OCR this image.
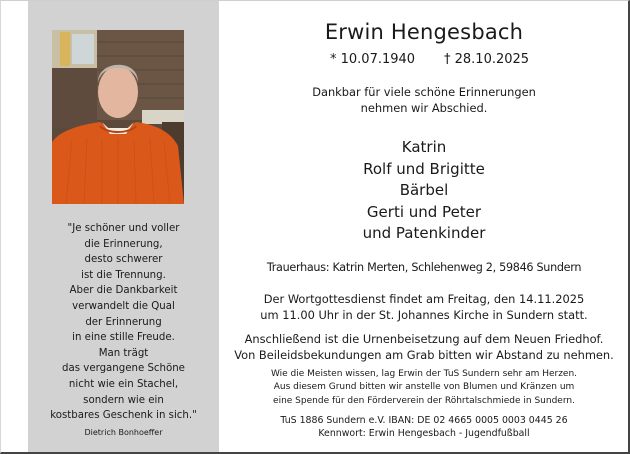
"Je schöner und voller
die Erinnerung,
desto schwerer
ist die Trennung.
Aber die Dankbarkeit
verwandelt die Qual
der Erinnerung
in eine stille Freude.
Man trägt
das vergangene Schöne
nicht wie ein Stachel,
sondern wie ein
kostbares Geschenk in sich."
Dietrich Bonhoeffer
Erwin Hengesbach
* 10.07.1940 † 28.10.2025
Dankbar für viele schöne Erinnerungen
nehmen wir Abschied.
Katrin
Rolf und Brigitte
Bärbel
Gerti und Peter
und Patenkinder
Trauerhaus: Katrin Merten, Schlehenweg 2, 59846 Sundern
Der Wortgottesdienst findet am Freitag, den 14.11.2025
um 11.00 Uhr in der St. Johannes Kirche in Sundern statt.
Anschließend ist die Urnenbeisetzung auf dem Neuen Friedhof.
Von Beileidsbekundungen am Grab bitten wir Abstand zu nehmen.
Wie die Meisten wissen, lag Erwin der TuS Sundern sehr am Herzen.
Aus diesem Grund bitten wir anstelle von Blumen und Kränzen um
eine Spende für den Förderverein der Röhrtalschmiede in Sundern.
TuS 1886 Sundern e.V. IBAN: DE 02 4665 0005 0003 0445 26
Kennwort: Erwin Hengesbach - Jugendfußball
